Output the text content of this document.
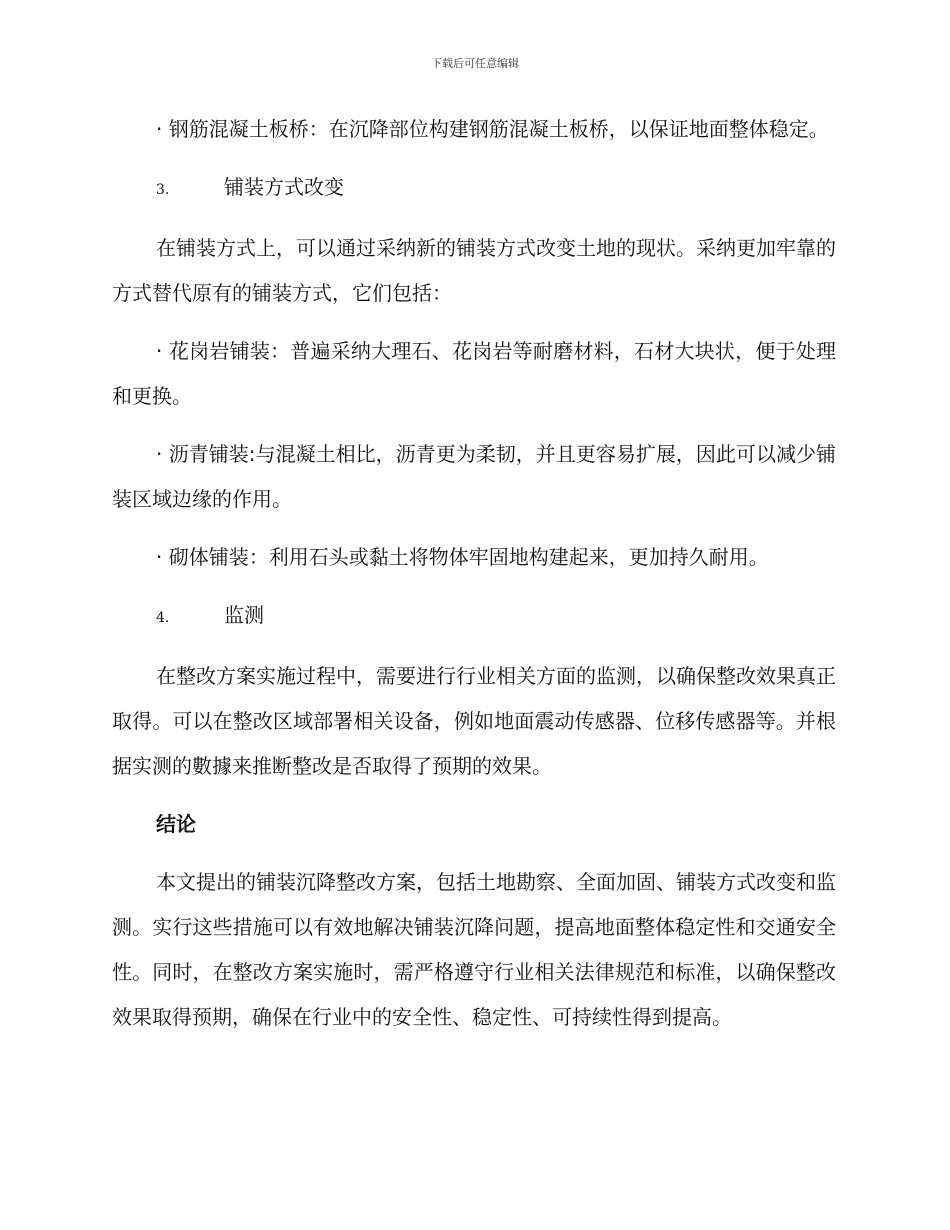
下载后可任意编辑

· 钢筋混凝土板桥：在沉降部位构建钢筋混凝土板桥，以保证地面整体稳定。

3.	铺装方式改变

在铺装方式上，可以通过采纳新的铺装方式改变土地的现状。采纳更加牢靠的方式替代原有的铺装方式，它们包括：

· 花岗岩铺装：普遍采纳大理石、花岗岩等耐磨材料，石材大块状，便于处理和更换。

· 沥青铺装:与混凝土相比，沥青更为柔韧，并且更容易扩展，因此可以减少铺装区域边缘的作用。

· 砌体铺装：利用石头或黏土将物体牢固地构建起来，更加持久耐用。

4.	监测

在整改方案实施过程中，需要进行行业相关方面的监测，以确保整改效果真正取得。可以在整改区域部署相关设备，例如地面震动传感器、位移传感器等。并根据实测的數據来推断整改是否取得了预期的效果。

结论

本文提出的铺装沉降整改方案，包括土地勘察、全面加固、铺装方式改变和监测。实行这些措施可以有效地解决铺装沉降问题，提高地面整体稳定性和交通安全性。同时，在整改方案实施时，需严格遵守行业相关法律规范和标准，以确保整改效果取得预期，确保在行业中的安全性、稳定性、可持续性得到提高。
